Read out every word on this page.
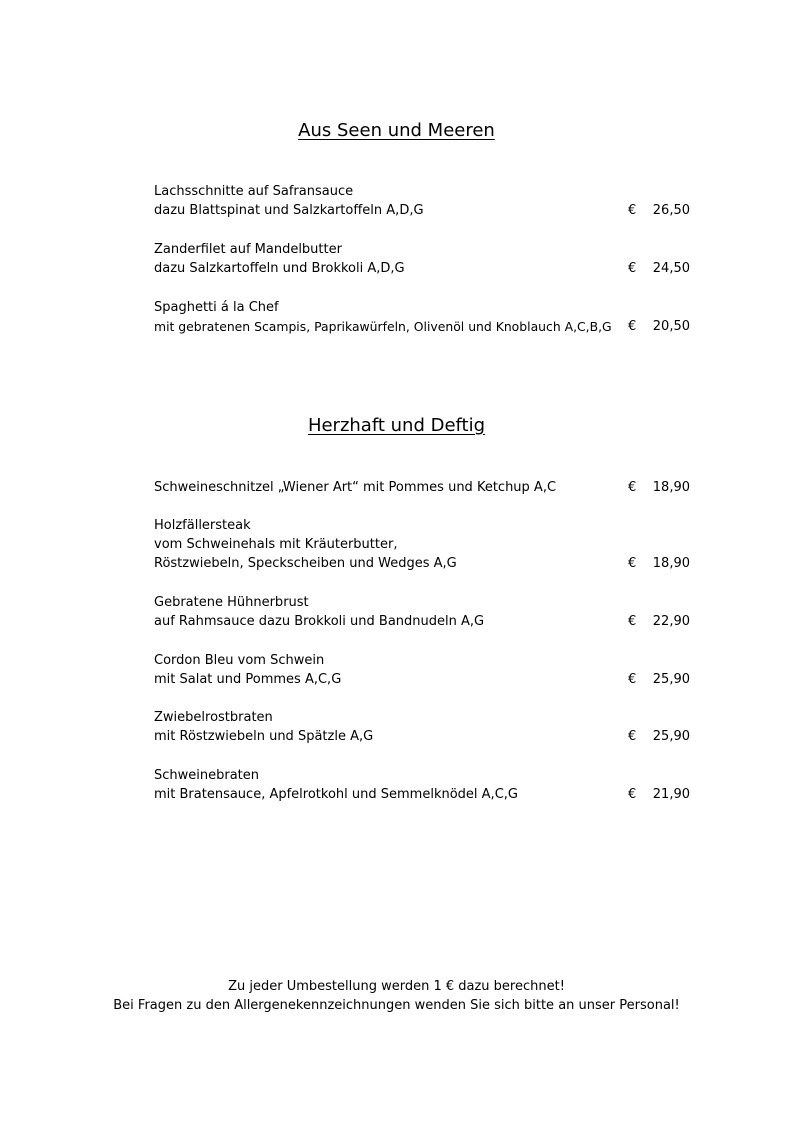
Aus Seen und Meeren
Lachsschnitte auf Safransauce
dazu Blattspinat und Salzkartoffeln A,D,G	€	26,50
Zanderfilet auf Mandelbutter
dazu Salzkartoffeln und Brokkoli A,D,G	€	24,50
Spaghetti á la Chef
mit gebratenen Scampis, Paprikawürfeln, Olivenöl und Knoblauch A,C,B,G	€	20,50
Herzhaft und Deftig
Schweineschnitzel „Wiener Art“ mit Pommes und Ketchup A,C	€	18,90
Holzfällersteak
vom Schweinehals mit Kräuterbutter,
Röstzwiebeln, Speckscheiben und Wedges A,G	€	18,90
Gebratene Hühnerbrust
auf Rahmsauce dazu Brokkoli und Bandnudeln A,G	€	22,90
Cordon Bleu vom Schwein
mit Salat und Pommes A,C,G	€	25,90
Zwiebelrostbraten
mit Röstzwiebeln und Spätzle A,G	€	25,90
Schweinebraten
mit Bratensauce, Apfelrotkohl und Semmelknödel A,C,G	€	21,90
Zu jeder Umbestellung werden 1 € dazu berechnet!
Bei Fragen zu den Allergenekennzeichnungen wenden Sie sich bitte an unser Personal!
